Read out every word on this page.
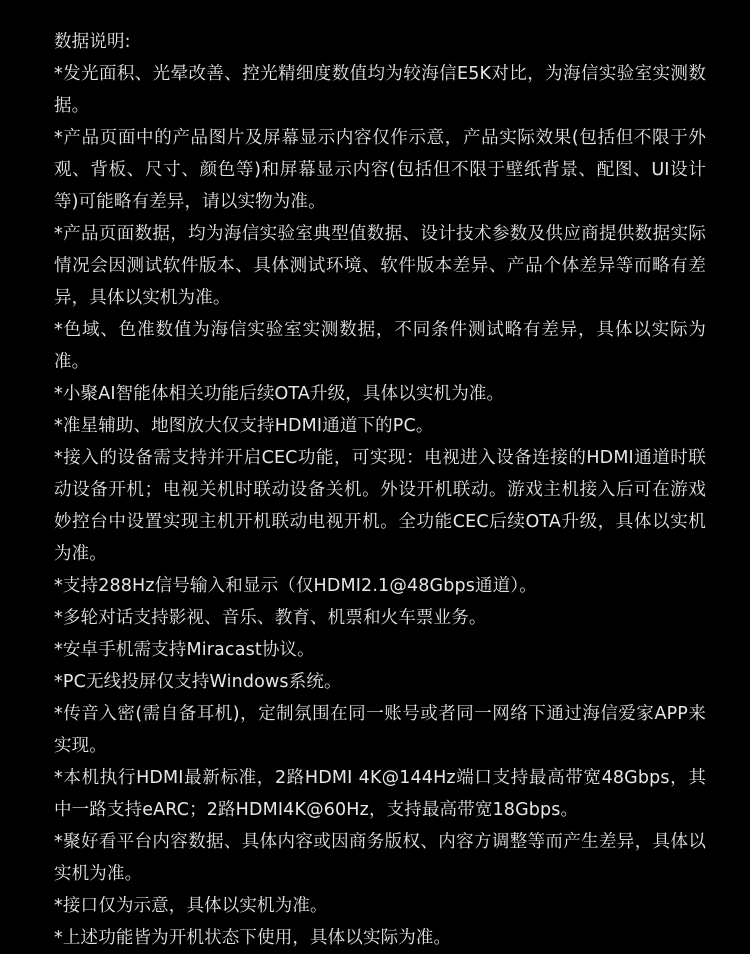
数据说明:
*发光面积、光晕改善、控光精细度数值均为较海信E5K对比，为海信实验室实测数据。
*产品页面中的产品图片及屏幕显示内容仅作示意，产品实际效果(包括但不限于外观、背板、尺寸、颜色等)和屏幕显示内容(包括但不限于壁纸背景、配图、UI设计等)可能略有差异，请以实物为准。
*产品页面数据，均为海信实验室典型值数据、设计技术参数及供应商提供数据实际情况会因测试软件版本、具体测试环境、软件版本差异、产品个体差异等而略有差异，具体以实机为准。
*色域、色准数值为海信实验室实测数据，不同条件测试略有差异，具体以实际为准。
*小聚AI智能体相关功能后续OTA升级，具体以实机为准。
*准星辅助、地图放大仅支持HDMI通道下的PC。
*接入的设备需支持并开启CEC功能，可实现：电视进入设备连接的HDMI通道时联动设备开机；电视关机时联动设备关机。外设开机联动。游戏主机接入后可在游戏妙控台中设置实现主机开机联动电视开机。全功能CEC后续OTA升级，具体以实机为准。
*支持288Hz信号输入和显示（仅HDMI2.1@48Gbps通道）。
*多轮对话支持影视、音乐、教育、机票和火车票业务。
*安卓手机需支持Miracast协议。
*PC无线投屏仅支持Windows系统。
*传音入密(需自备耳机)，定制氛围在同一账号或者同一网络下通过海信爱家APP来实现。
*本机执行HDMI最新标准，2路HDMI 4K@144Hz端口支持最高带宽48Gbps，其中一路支持eARC；2路HDMI4K@60Hz，支持最高带宽18Gbps。
*聚好看平台内容数据、具体内容或因商务版权、内容方调整等而产生差异，具体以实机为准。
*接口仅为示意，具体以实机为准。
*上述功能皆为开机状态下使用，具体以实际为准。
